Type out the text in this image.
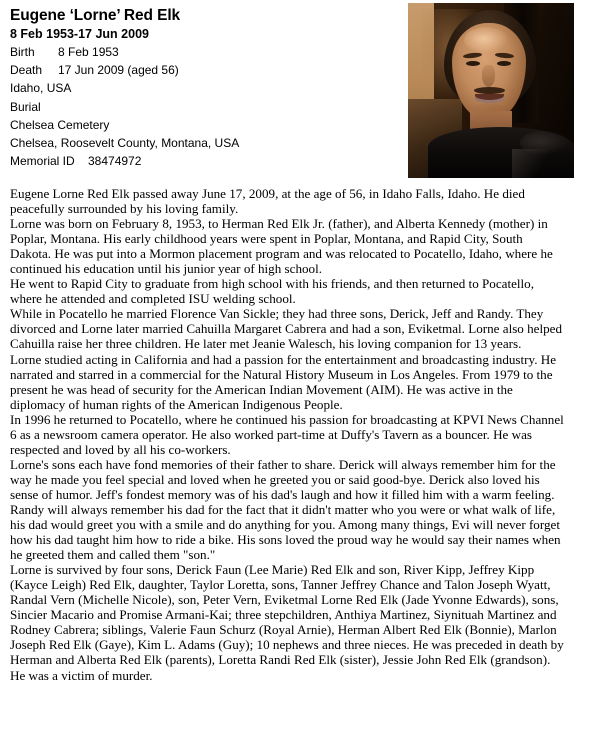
Eugene ‘Lorne’ Red Elk
8 Feb 1953-17 Jun 2009
Birth 8 Feb 1953
Death 17 Jun 2009 (aged 56)
Idaho, USA
Burial
Chelsea Cemetery
Chelsea, Roosevelt County, Montana, USA
Memorial ID 38474972

Eugene Lorne Red Elk passed away June 17, 2009, at the age of 56, in Idaho Falls, Idaho. He died peacefully surrounded by his loving family.

Lorne was born on February 8, 1953, to Herman Red Elk Jr. (father), and Alberta Kennedy (mother) in Poplar, Montana. His early childhood years were spent in Poplar, Montana, and Rapid City, South Dakota. He was put into a Mormon placement program and was relocated to Pocatello, Idaho, where he continued his education until his junior year of high school.

He went to Rapid City to graduate from high school with his friends, and then returned to Pocatello, where he attended and completed ISU welding school.

While in Pocatello he married Florence Van Sickle; they had three sons, Derick, Jeff and Randy. They divorced and Lorne later married Cahuilla Margaret Cabrera and had a son, Eviketmal. Lorne also helped Cahuilla raise her three children. He later met Jeanie Walesch, his loving companion for 13 years.

Lorne studied acting in California and had a passion for the entertainment and broadcasting industry. He narrated and starred in a commercial for the Natural History Museum in Los Angeles. From 1979 to the present he was head of security for the American Indian Movement (AIM). He was active in the diplomacy of human rights of the American Indigenous People.

In 1996 he returned to Pocatello, where he continued his passion for broadcasting at KPVI News Channel 6 as a newsroom camera operator. He also worked part-time at Duffy's Tavern as a bouncer. He was respected and loved by all his co-workers.

Lorne's sons each have fond memories of their father to share. Derick will always remember him for the way he made you feel special and loved when he greeted you or said good-bye. Derick also loved his sense of humor. Jeff's fondest memory was of his dad's laugh and how it filled him with a warm feeling. Randy will always remember his dad for the fact that it didn't matter who you were or what walk of life, his dad would greet you with a smile and do anything for you. Among many things, Evi will never forget how his dad taught him how to ride a bike. His sons loved the proud way he would say their names when he greeted them and called them "son."

Lorne is survived by four sons, Derick Faun (Lee Marie) Red Elk and son, River Kipp, Jeffrey Kipp (Kayce Leigh) Red Elk, daughter, Taylor Loretta, sons, Tanner Jeffrey Chance and Talon Joseph Wyatt, Randal Vern (Michelle Nicole), son, Peter Vern, Eviketmal Lorne Red Elk (Jade Yvonne Edwards), sons, Sincier Macario and Promise Armani-Kai; three stepchildren, Anthiya Martinez, Siynituah Martinez and Rodney Cabrera; siblings, Valerie Faun Schurz (Royal Arnie), Herman Albert Red Elk (Bonnie), Marlon Joseph Red Elk (Gaye), Kim L. Adams (Guy); 10 nephews and three nieces. He was preceded in death by Herman and Alberta Red Elk (parents), Loretta Randi Red Elk (sister), Jessie John Red Elk (grandson). He was a victim of murder.
